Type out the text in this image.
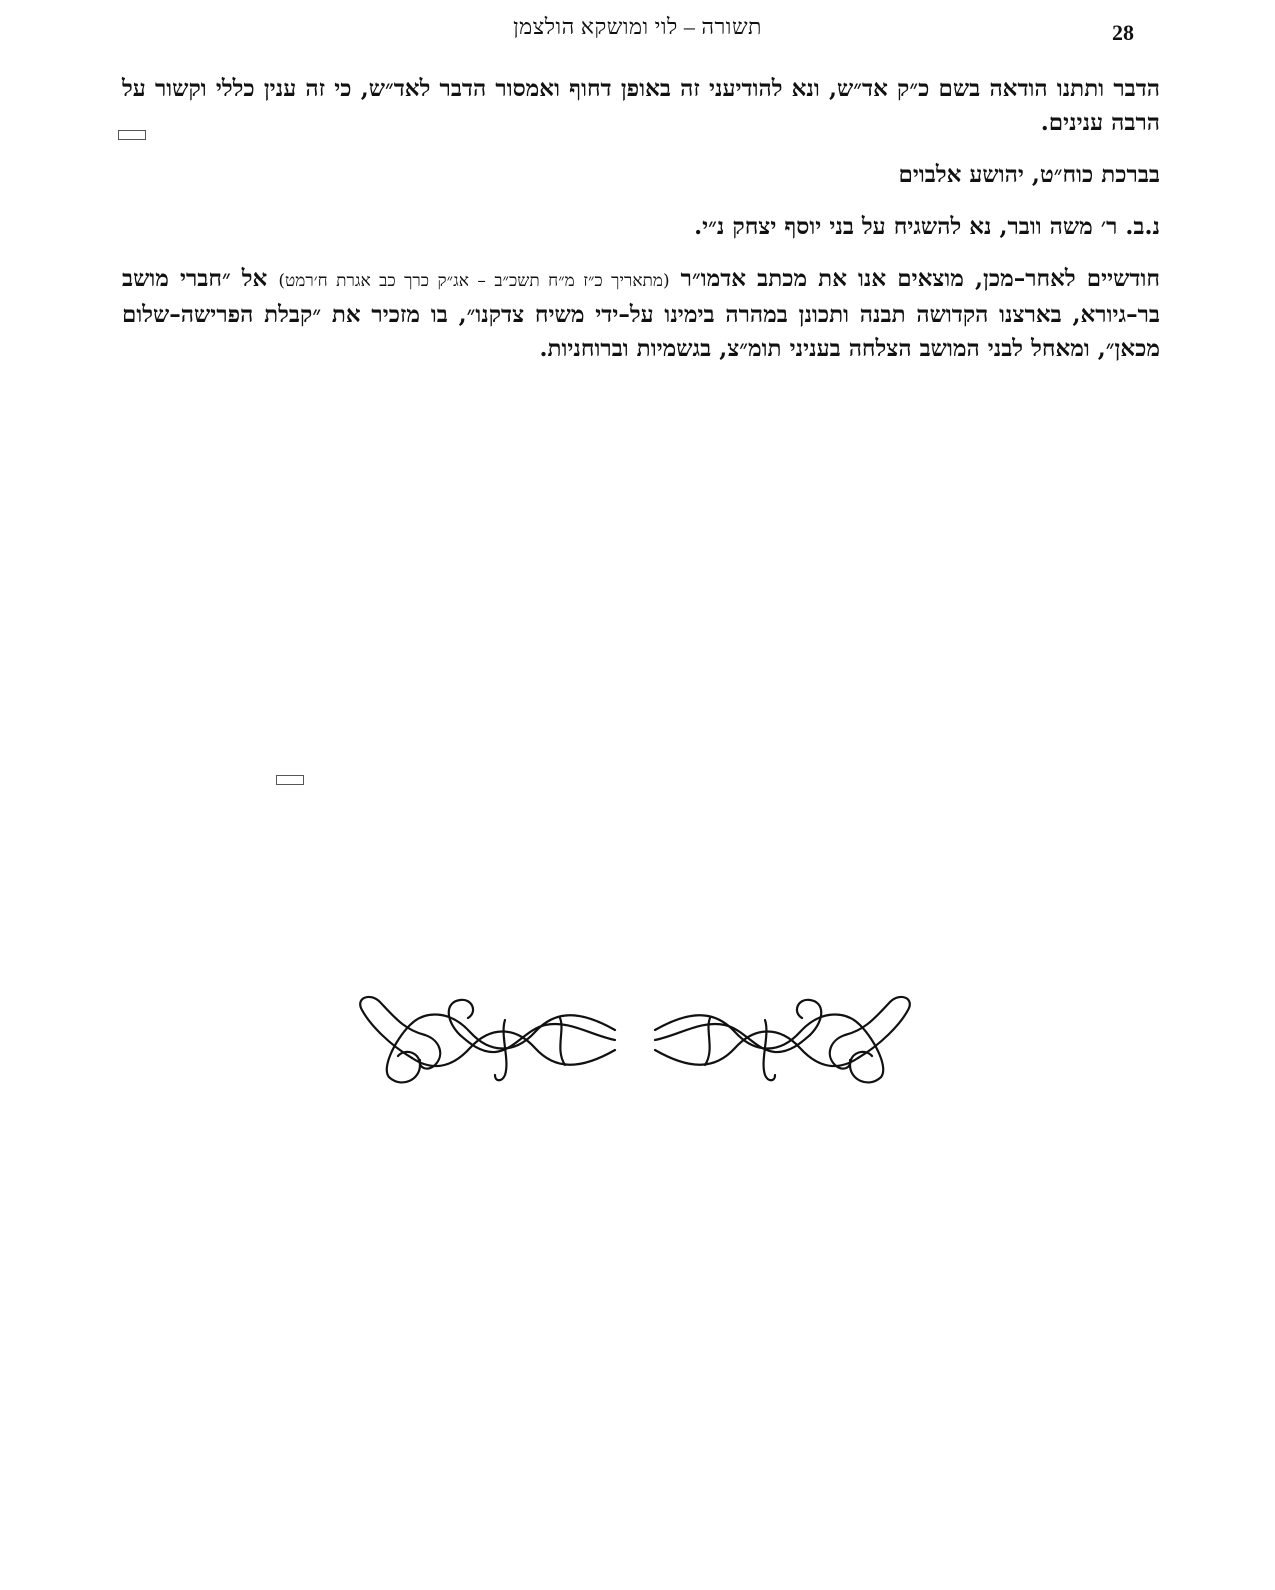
תשורה – לוי ומושקא הולצמן	28

הדבר ותתנו הודאה בשם כ״ק אד״ש, ונא להודיעני זה באופן דחוף ואמסור הדבר לאד״ש, כי זה ענין כללי וקשור על הרבה ענינים.

בברכת כוח״ט, יהושע אלבוים

נ.ב. ר׳ משה וובר, נא להשגיח על בני יוסף יצחק נ״י.

חודשיים לאחר–מכן, מוצאים אנו את מכתב אדמו״ר (מתאריך כ״ז מ״ח תשכ״ב – אג״ק כרך כב אגרת ח׳רמט) אל ״חברי מושב בר–גיורא, בארצנו הקדושה תבנה ותכונן במהרה בימינו על–ידי משיח צדקנו״, בו מזכיר את ״קבלת הפרישה–שלום מכאן״, ומאחל לבני המושב הצלחה בעניני תומ״צ, בגשמיות וברוחניות.
